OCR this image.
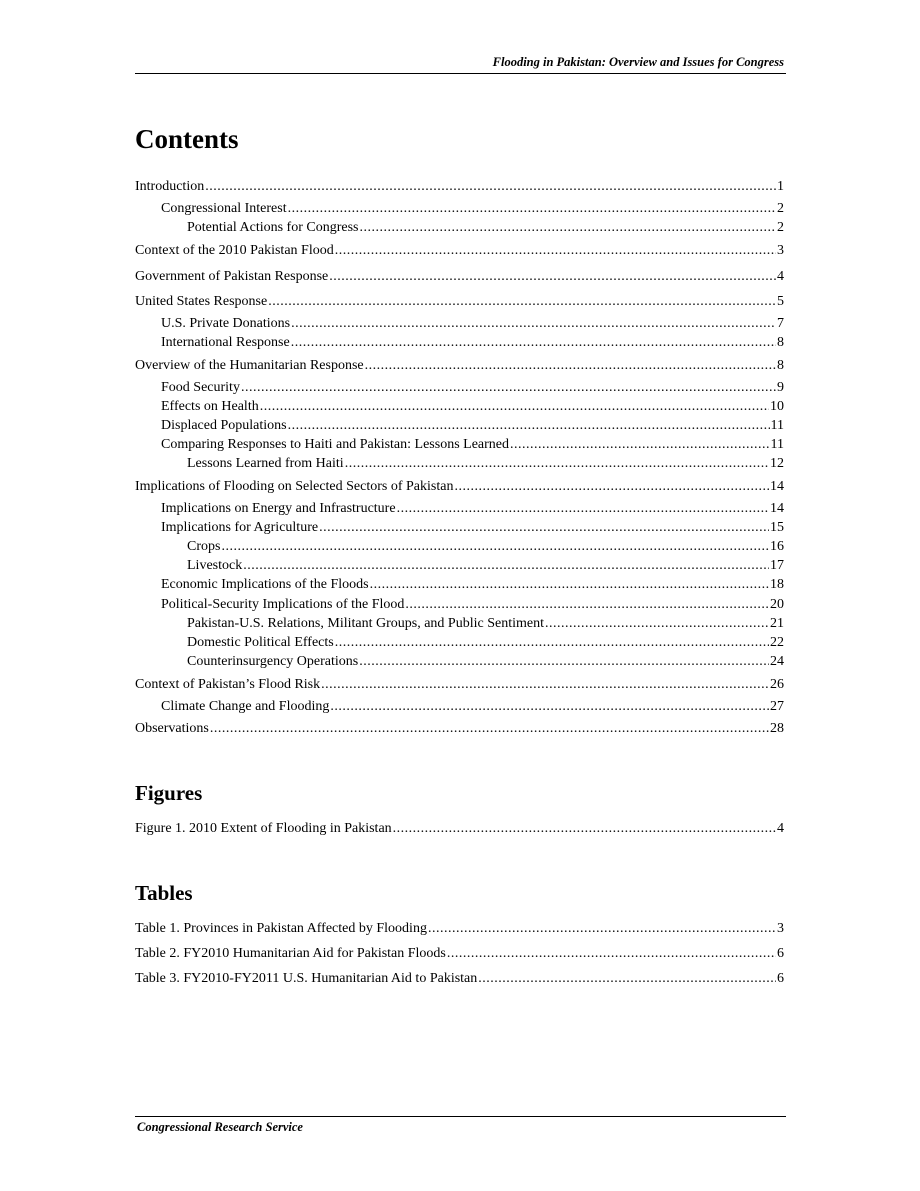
Flooding in Pakistan: Overview and Issues for Congress
Contents
Introduction .....	1
Congressional Interest .....	2
Potential Actions for Congress .....	2
Context of the 2010 Pakistan Flood .....	3
Government of Pakistan Response .....	4
United States Response .....	5
U.S. Private Donations .....	7
International Response .....	8
Overview of the Humanitarian Response .....	8
Food Security .....	9
Effects on Health .....	10
Displaced Populations .....	11
Comparing Responses to Haiti and Pakistan: Lessons Learned .....	11
Lessons Learned from Haiti .....	12
Implications of Flooding on Selected Sectors of Pakistan .....	14
Implications on Energy and Infrastructure .....	14
Implications for Agriculture .....	15
Crops .....	16
Livestock .....	17
Economic Implications of the Floods .....	18
Political-Security Implications of the Flood .....	20
Pakistan-U.S. Relations, Militant Groups, and Public Sentiment .....	21
Domestic Political Effects .....	22
Counterinsurgency Operations .....	24
Context of Pakistan’s Flood Risk .....	26
Climate Change and Flooding .....	27
Observations .....	28
Figures
Figure 1. 2010 Extent of Flooding in Pakistan .....	4
Tables
Table 1. Provinces in Pakistan Affected by Flooding .....	3
Table 2. FY2010 Humanitarian Aid for Pakistan Floods .....	6
Table 3. FY2010-FY2011 U.S. Humanitarian Aid to Pakistan .....	6
Congressional Research Service
